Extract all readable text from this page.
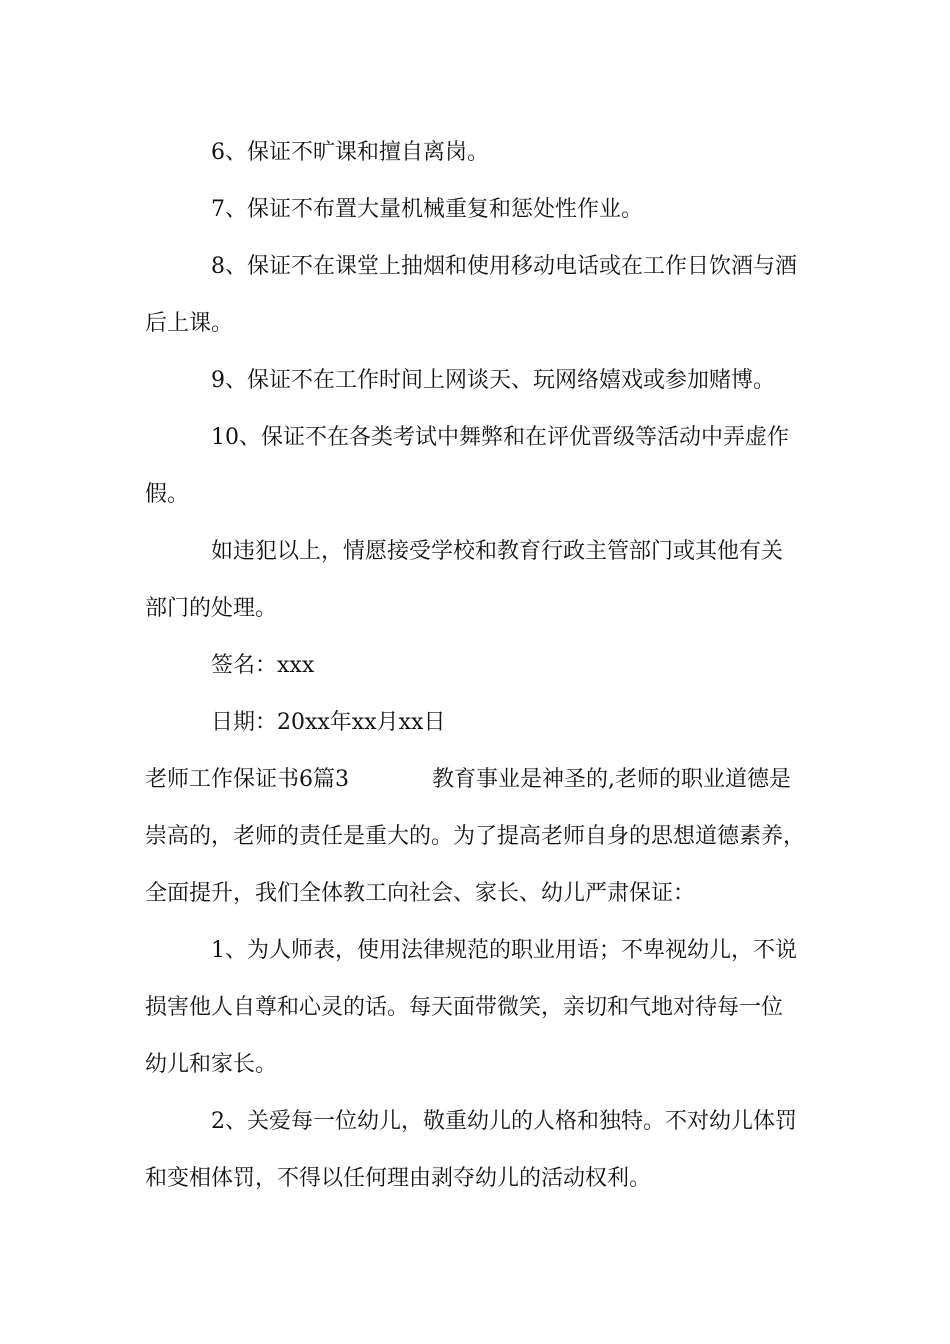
6、保证不旷课和擅自离岗。
7、保证不布置大量机械重复和惩处性作业。
8、保证不在课堂上抽烟和使用移动电话或在工作日饮酒与酒
后上课。
9、保证不在工作时间上网谈天、玩网络嬉戏或参加赌博。
10、保证不在各类考试中舞弊和在评优晋级等活动中弄虚作
假。
如违犯以上，情愿接受学校和教育行政主管部门或其他有关
部门的处理。
签名：xxx
日期：20xx年xx月xx日
老师工作保证书6篇3	教育事业是神圣的,老师的职业道德是
崇高的，老师的责任是重大的。为了提高老师自身的思想道德素养，
全面提升，我们全体教工向社会、家长、幼儿严肃保证：
1、为人师表，使用法律规范的职业用语；不卑视幼儿，不说
损害他人自尊和心灵的话。每天面带微笑，亲切和气地对待每一位
幼儿和家长。
2、关爱每一位幼儿，敬重幼儿的人格和独特。不对幼儿体罚
和变相体罚，不得以任何理由剥夺幼儿的活动权利。
